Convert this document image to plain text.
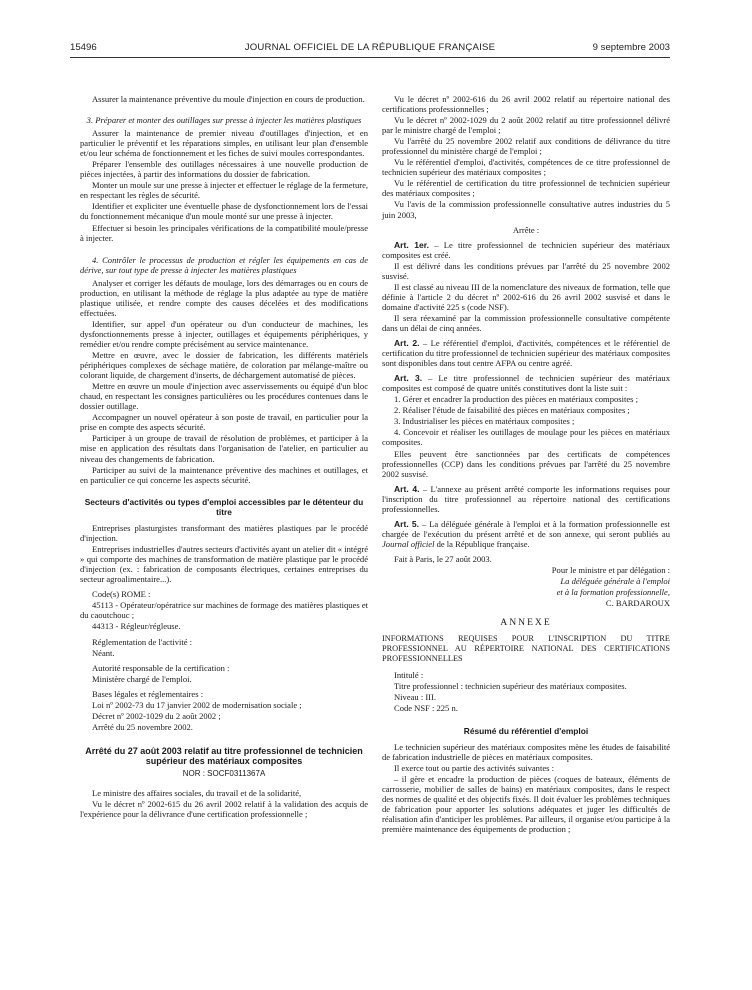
15496	JOURNAL OFFICIEL DE LA RÉPUBLIQUE FRANÇAISE	9 septembre 2003

Assurer la maintenance préventive du moule d'injection en cours de production.

3. Préparer et monter des outillages sur presse à injecter les matières plastiques

Assurer la maintenance de premier niveau d'outillages d'injection, et en particulier le préventif et les réparations simples, en utilisant leur plan d'ensemble et/ou leur schéma de fonctionnement et les fiches de suivi moules correspondantes.

Préparer l'ensemble des outillages nécessaires à une nouvelle production de pièces injectées, à partir des informations du dossier de fabrication.

Monter un moule sur une presse à injecter et effectuer le réglage de la fermeture, en respectant les règles de sécurité.

Identifier et expliciter une éventuelle phase de dysfonctionnement lors de l'essai du fonctionnement mécanique d'un moule monté sur une presse à injecter.

Effectuer si besoin les principales vérifications de la compatibilité moule/presse à injecter.

4. Contrôler le processus de production et régler les équipements en cas de dérive, sur tout type de presse à injecter les matières plastiques

Analyser et corriger les défauts de moulage, lors des démarrages ou en cours de production, en utilisant la méthode de réglage la plus adaptée au type de matière plastique utilisée, et rendre compte des causes décelées et des modifications effectuées.

Identifier, sur appel d'un opérateur ou d'un conducteur de machines, les dysfonctionnements presse à injecter, outillages et équipements périphériques, y remédier et/ou rendre compte précisément au service maintenance.

Mettre en œuvre, avec le dossier de fabrication, les différents matériels périphériques complexes de séchage matière, de coloration par mélange-maître ou colorant liquide, de chargement d'inserts, de déchargement automatisé de pièces.

Mettre en œuvre un moule d'injection avec asservissements ou équipé d'un bloc chaud, en respectant les consignes particulières ou les procédures contenues dans le dossier outillage.

Accompagner un nouvel opérateur à son poste de travail, en particulier pour la prise en compte des aspects sécurité.

Participer à un groupe de travail de résolution de problèmes, et participer à la mise en application des résultats dans l'organisation de l'atelier, en particulier au niveau des changements de fabrication.

Participer au suivi de la maintenance préventive des machines et outillages, et en particulier ce qui concerne les aspects sécurité.

Secteurs d'activités ou types d'emploi accessibles par le détenteur du titre

Entreprises plasturgistes transformant des matières plastiques par le procédé d'injection.

Entreprises industrielles d'autres secteurs d'activités ayant un atelier dit « intégré » qui comporte des machines de transformation de matière plastique par le procédé d'injection (ex. : fabrication de composants électriques, certaines entreprises du secteur agroalimentaire...).

Code(s) ROME :

45113 - Opérateur/opératrice sur machines de formage des matières plastiques et du caoutchouc ;

44313 - Régleur/régleuse.

Réglementation de l'activité :

Néant.

Autorité responsable de la certification :

Ministère chargé de l'emploi.

Bases légales et réglementaires :

Loi nº 2002-73 du 17 janvier 2002 de modernisation sociale ;

Décret nº 2002-1029 du 2 août 2002 ;

Arrêté du 25 novembre 2002.

Arrêté du 27 août 2003 relatif au titre professionnel de technicien supérieur des matériaux composites

NOR : SOCF0311367A

Le ministre des affaires sociales, du travail et de la solidarité,

Vu le décret nº 2002-615 du 26 avril 2002 relatif à la validation des acquis de l'expérience pour la délivrance d'une certification professionnelle ;

Vu le décret nº 2002-616 du 26 avril 2002 relatif au répertoire national des certifications professionnelles ;

Vu le décret nº 2002-1029 du 2 août 2002 relatif au titre professionnel délivré par le ministre chargé de l'emploi ;

Vu l'arrêté du 25 novembre 2002 relatif aux conditions de délivrance du titre professionnel du ministère chargé de l'emploi ;

Vu le référentiel d'emploi, d'activités, compétences de ce titre professionnel de technicien supérieur des matériaux composites ;

Vu le référentiel de certification du titre professionnel de technicien supérieur des matériaux composites ;

Vu l'avis de la commission professionnelle consultative autres industries du 5 juin 2003,

Arrête :

Art. 1er. – Le titre professionnel de technicien supérieur des matériaux composites est créé.

Il est délivré dans les conditions prévues par l'arrêté du 25 novembre 2002 susvisé.

Il est classé au niveau III de la nomenclature des niveaux de formation, telle que définie à l'article 2 du décret nº 2002-616 du 26 avril 2002 susvisé et dans le domaine d'activité 225 s (code NSF).

Il sera réexaminé par la commission professionnelle consultative compétente dans un délai de cinq années.

Art. 2. – Le référentiel d'emploi, d'activités, compétences et le référentiel de certification du titre professionnel de technicien supérieur des matériaux composites sont disponibles dans tout centre AFPA ou centre agréé.

Art. 3. – Le titre professionnel de technicien supérieur des matériaux composites est composé de quatre unités constitutives dont la liste suit :

1. Gérer et encadrer la production des pièces en matériaux composites ;

2. Réaliser l'étude de faisabilité des pièces en matériaux composites ;

3. Industrialiser les pièces en matériaux composites ;

4. Concevoir et réaliser les outillages de moulage pour les pièces en matériaux composites.

Elles peuvent être sanctionnées par des certificats de compétences professionnelles (CCP) dans les conditions prévues par l'arrêté du 25 novembre 2002 susvisé.

Art. 4. – L'annexe au présent arrêté comporte les informations requises pour l'inscription du titre professionnel au répertoire national des certifications professionnelles.

Art. 5. – La déléguée générale à l'emploi et à la formation professionnelle est chargée de l'exécution du présent arrêté et de son annexe, qui seront publiés au Journal officiel de la République française.

Fait à Paris, le 27 août 2003.

Pour le ministre et par délégation :

La déléguée générale à l'emploi

et à la formation professionnelle,

C. BARDAROUX

ANNEXE

INFORMATIONS REQUISES POUR L'INSCRIPTION DU TITRE PROFESSIONNEL AU RÉPERTOIRE NATIONAL DES CERTIFICATIONS PROFESSIONNELLES

Intitulé :

Titre professionnel : technicien supérieur des matériaux composites.

Niveau : III.

Code NSF : 225 n.

Résumé du référentiel d'emploi

Le technicien supérieur des matériaux composites mène les études de faisabilité de fabrication industrielle de pièces en matériaux composites.

Il exerce tout ou partie des activités suivantes :

– il gère et encadre la production de pièces (coques de bateaux, éléments de carrosserie, mobilier de salles de bains) en matériaux composites, dans le respect des normes de qualité et des objectifs fixés. Il doit évaluer les problèmes techniques de fabrication pour apporter les solutions adéquates et juger les difficultés de réalisation afin d'anticiper les problèmes. Par ailleurs, il organise et/ou participe à la première maintenance des équipements de production ;
